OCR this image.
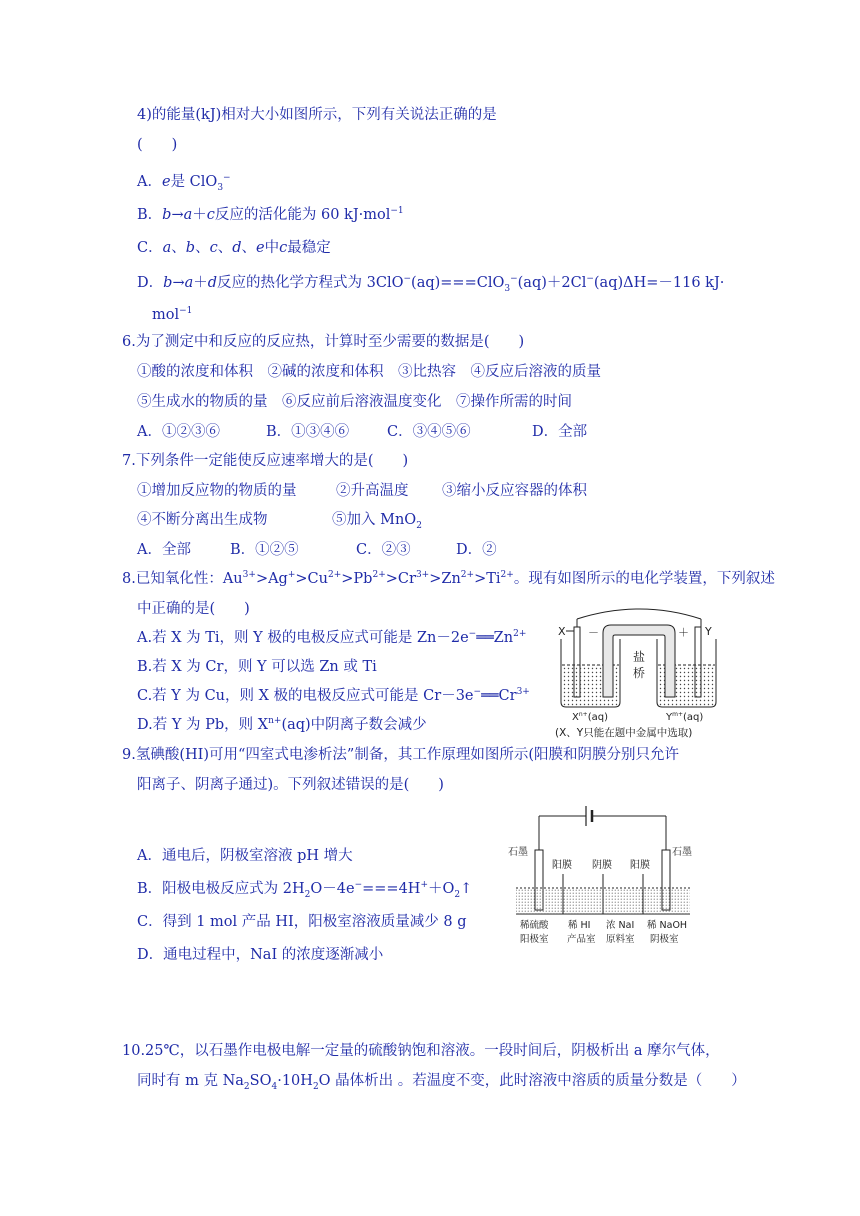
4)的能量(kJ)相对大小如图所示，下列有关说法正确的是
(　　)
A．e是 ClO$_3$−
B．b→a＋c反应的活化能为 60 kJ·mol$^{-1}$
C．a、b、c、d、e中c最稳定
D．b→a＋d反应的热化学方程式为 3ClO−(aq)===ClO$_3$−(aq)＋2Cl−(aq)ΔH=－116 kJ·
mol$^{-1}$
6.为了测定中和反应的反应热，计算时至少需要的数据是(　　)
①酸的浓度和体积　②碱的浓度和体积　③比热容　④反应后溶液的质量
⑤生成水的物质的量　⑥反应前后溶液温度变化　⑦操作所需的时间
A．①②③⑥	B．①③④⑥	C．③④⑤⑥	D．全部
7.下列条件一定能使反应速率增大的是(　　)
①增加反应物的物质的量	②升高温度 ③缩小反应容器的体积
④不断分离出生成物	⑤加入 MnO$_2$
A．全部	B．①②⑤	C．②③	D．②
8.已知氧化性：$Au^{3+}>Ag^+>Cu^{2+}>Pb^{2+}>Cr^{3+}>Zn^{2+}>Ti^{2+}$。现有如图所示的电化学装置，下列叙述
中正确的是(　　)
A.若 X 为 Ti，则 Y 极的电极反应式可能是 $Zn-2e^-══Zn^{2+}$
B.若 X 为 Cr，则 Y 可以选 Zn 或 Ti
C.若 Y 为 Cu，则 X 极的电极反应式可能是 $Cr-3e^-══Cr^{3+}$
D.若 Y 为 Pb，则 $X^{n+}(aq)$中阴离子数会减少
X	Y
－	＋
盐
桥
$X^{n+}(aq)$	$Y^{m+}(aq)$
(X、Y只能在题中金属中选取)
9.氢碘酸(HI)可用“四室式电渗析法”制备，其工作原理如图所示(阳膜和阴膜分别只允许
阳离子、阴离子通过)。下列叙述错误的是(　　)
A．通电后，阴极室溶液 pH 增大
B．阳极电极反应式为 $2H_2O-4e^-===4H^++O_2↑$
C．得到 1 mol 产品 HI，阳极室溶液质量减少 8 g
D．通电过程中，NaI 的浓度逐渐减小
石墨	石墨
阳膜 阴膜 阳膜
稀硫酸
阳极室
稀 HI
产品室
浓 NaI
原料室
稀 NaOH
阴极室
10.25℃，以石墨作电极电解一定量的硫酸钠饱和溶液。一段时间后，阴极析出 a 摩尔气体，
同时有 m 克 $Na_2SO_4\cdot 10H_2O$ 晶体析出 。若温度不变，此时溶液中溶质的质量分数是（　　）
